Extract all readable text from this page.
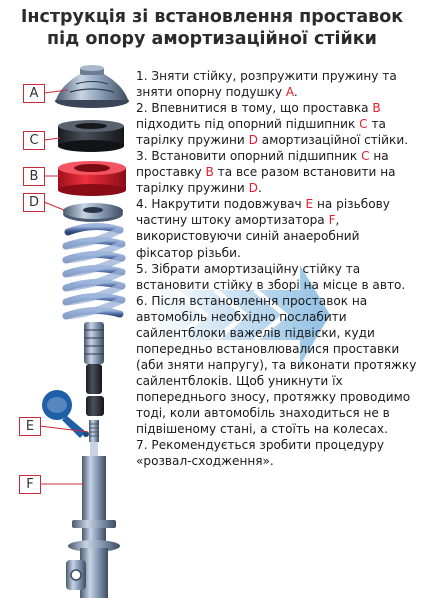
Інструкція зі встановлення проставок
під опору амортизаційної стійки
A
C
B
D
E
F

1. Зняти стійку, розпружити пружину та зняти опорну подушку A.

2. Впевнитися в тому, що проставка B підходить під опорний підшипник C та тарілку пружини D амортизаційної стійки.

3. Встановити опорний підшипник C на проставку B та все разом встановити на тарілку пружини D.

4. Накрутити подовжувач E на різьбову частину штоку амортизатора F, використовуючи синій анаеробний фіксатор різьби.

5. Зібрати амортизаційну стійку та встановити стійку в зборі на місце в авто.

6. Після встановлення проставок на автомобіль необхідно послабити сайлентблоки важелів підвіски, куди попередньо встановлювалися проставки (аби зняти напругу), та виконати протяжку сайлентблоків. Щоб уникнути їх попереднього зносу, протяжку проводимо тоді, коли автомобіль знаходиться не в підвішеному стані, а стоїть на колесах.

7. Рекомендується зробити процедуру «розвал-сходження».
